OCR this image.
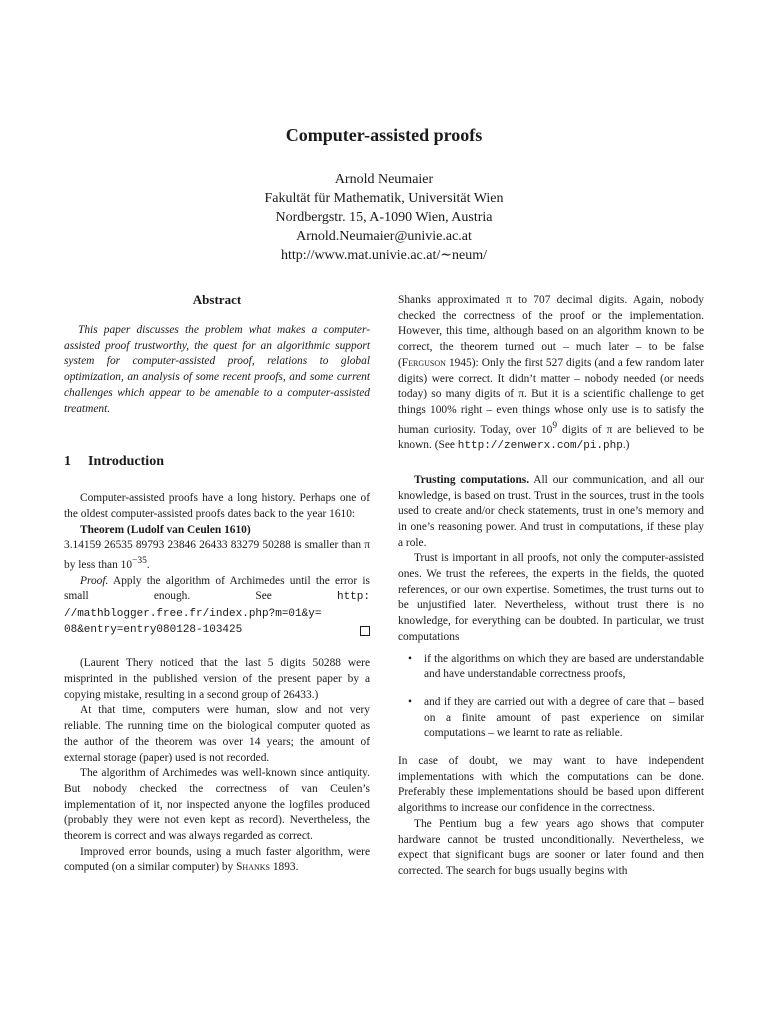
Computer-assisted proofs
Arnold Neumaier
Fakultät für Mathematik, Universität Wien
Nordbergstr. 15, A-1090 Wien, Austria
Arnold.Neumaier@univie.ac.at
http://www.mat.univie.ac.at/∼neum/
Abstract

This paper discusses the problem what makes a computer-assisted proof trustworthy, the quest for an algorithmic support system for computer-assisted proof, relations to global optimization, an analysis of some recent proofs, and some current challenges which appear to be amenable to a computer-assisted treatment.

1 Introduction

Computer-assisted proofs have a long history. Perhaps one of the oldest computer-assisted proofs dates back to the year 1610:

Theorem (Ludolf van Ceulen 1610)

3.14159 26535 89793 23846 26433 83279 50288 is smaller than π by less than $10^{-35}$.

Proof. Apply the algorithm of Archimedes until the error is small enough. See http: //mathblogger.free.fr/index.php?m=01&y=

08&entry=entry080128-103425

(Laurent Thery noticed that the last 5 digits 50288 were misprinted in the published version of the present paper by a copying mistake, resulting in a second group of 26433.)

At that time, computers were human, slow and not very reliable. The running time on the biological computer quoted as the author of the theorem was over 14 years; the amount of external storage (paper) used is not recorded.

The algorithm of Archimedes was well-known since antiquity. But nobody checked the correctness of van Ceulen’s implementation of it, nor inspected anyone the logfiles produced (probably they were not even kept as record). Nevertheless, the theorem is correct and was always regarded as correct.

Improved error bounds, using a much faster algorithm, were computed (on a similar computer) by Shanks 1893.

Shanks approximated π to 707 decimal digits. Again, nobody checked the correctness of the proof or the implementation. However, this time, although based on an algorithm known to be correct, the theorem turned out – much later – to be false (Ferguson 1945): Only the first 527 digits (and a few random later digits) were correct. It didn’t matter – nobody needed (or needs today) so many digits of π. But it is a scientific challenge to get things 100% right – even things whose only use is to satisfy the human curiosity. Today, over $10^9$ digits of π are believed to be known. (See http://zenwerx.com/pi.php.)

Trusting computations. All our communication, and all our knowledge, is based on trust. Trust in the sources, trust in the tools used to create and/or check statements, trust in one’s memory and in one’s reasoning power. And trust in computations, if these play a role.

Trust is important in all proofs, not only the computer-assisted ones. We trust the referees, the experts in the fields, the quoted references, or our own expertise. Sometimes, the trust turns out to be unjustified later. Nevertheless, without trust there is no knowledge, for everything can be doubted. In particular, we trust computations

• if the algorithms on which they are based are understandable and have understandable correctness proofs,
• and if they are carried out with a degree of care that – based on a finite amount of past experience on similar computations – we learnt to rate as reliable.

In case of doubt, we may want to have independent implementations with which the computations can be done. Preferably these implementations should be based upon different algorithms to increase our confidence in the correctness.

The Pentium bug a few years ago shows that computer hardware cannot be trusted unconditionally. Nevertheless, we expect that significant bugs are sooner or later found and then corrected. The search for bugs usually begins with
